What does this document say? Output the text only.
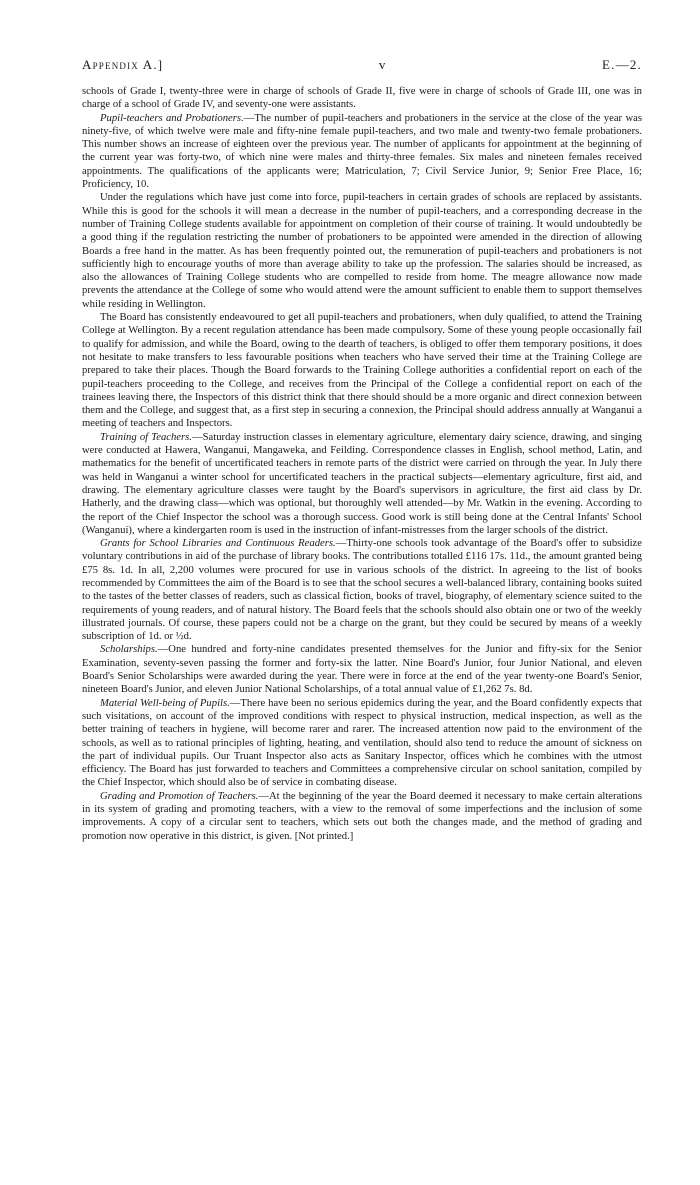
Appendix A.]	v	E.—2.

schools of Grade I, twenty-three were in charge of schools of Grade II, five were in charge of schools of Grade III, one was in charge of a school of Grade IV, and seventy-one were assistants.

Pupil-teachers and Probationers.—The number of pupil-teachers and probationers in the service at the close of the year was ninety-five, of which twelve were male and fifty-nine female pupil-teachers, and two male and twenty-two female probationers. This number shows an increase of eighteen over the previous year. The number of applicants for appointment at the beginning of the current year was forty-two, of which nine were males and thirty-three females. Six males and nineteen females received appointments. The qualifications of the applicants were; Matriculation, 7; Civil Service Junior, 9; Senior Free Place, 16; Proficiency, 10.

Under the regulations which have just come into force, pupil-teachers in certain grades of schools are replaced by assistants. While this is good for the schools it will mean a decrease in the number of pupil-teachers, and a corresponding decrease in the number of Training College students available for appointment on completion of their course of training. It would undoubtedly be a good thing if the regulation restricting the number of probationers to be appointed were amended in the direction of allowing Boards a free hand in the matter. As has been frequently pointed out, the remuneration of pupil-teachers and probationers is not sufficiently high to encourage youths of more than average ability to take up the profession. The salaries should be increased, as also the allowances of Training College students who are compelled to reside from home. The meagre allowance now made prevents the attendance at the College of some who would attend were the amount sufficient to enable them to support themselves while residing in Wellington.

The Board has consistently endeavoured to get all pupil-teachers and probationers, when duly qualified, to attend the Training College at Wellington. By a recent regulation attendance has been made compulsory. Some of these young people occasionally fail to qualify for admission, and while the Board, owing to the dearth of teachers, is obliged to offer them temporary positions, it does not hesitate to make transfers to less favourable positions when teachers who have served their time at the Training College are prepared to take their places. Though the Board forwards to the Training College authorities a confidential report on each of the pupil-teachers proceeding to the College, and receives from the Principal of the College a confidential report on each of the trainees leaving there, the Inspectors of this district think that there should should be a more organic and direct connexion between them and the College, and suggest that, as a first step in securing a connexion, the Principal should address annually at Wanganui a meeting of teachers and Inspectors.

Training of Teachers.—Saturday instruction classes in elementary agriculture, elementary dairy science, drawing, and singing were conducted at Hawera, Wanganui, Mangaweka, and Feilding. Correspondence classes in English, school method, Latin, and mathematics for the benefit of uncertificated teachers in remote parts of the district were carried on through the year. In July there was held in Wanganui a winter school for uncertificated teachers in the practical subjects—elementary agriculture, first aid, and drawing. The elementary agriculture classes were taught by the Board's supervisors in agriculture, the first aid class by Dr. Hatherly, and the drawing class—which was optional, but thoroughly well attended—by Mr. Watkin in the evening. According to the report of the Chief Inspector the school was a thorough success. Good work is still being done at the Central Infants' School (Wanganui), where a kindergarten room is used in the instruction of infant-mistresses from the larger schools of the district.

Grants for School Libraries and Continuous Readers.—Thirty-one schools took advantage of the Board's offer to subsidize voluntary contributions in aid of the purchase of library books. The contributions totalled £116 17s. 11d., the amount granted being £75 8s. 1d. In all, 2,200 volumes were procured for use in various schools of the district. In agreeing to the list of books recommended by Committees the aim of the Board is to see that the school secures a well-balanced library, containing books suited to the tastes of the better classes of readers, such as classical fiction, books of travel, biography, of elementary science suited to the requirements of young readers, and of natural history. The Board feels that the schools should also obtain one or two of the weekly illustrated journals. Of course, these papers could not be a charge on the grant, but they could be secured by means of a weekly subscription of 1d. or ½d.

Scholarships.—One hundred and forty-nine candidates presented themselves for the Junior and fifty-six for the Senior Examination, seventy-seven passing the former and forty-six the latter. Nine Board's Junior, four Junior National, and eleven Board's Senior Scholarships were awarded during the year. There were in force at the end of the year twenty-one Board's Senior, nineteen Board's Junior, and eleven Junior National Scholarships, of a total annual value of £1,262 7s. 8d.

Material Well-being of Pupils.—There have been no serious epidemics during the year, and the Board confidently expects that such visitations, on account of the improved conditions with respect to physical instruction, medical inspection, as well as the better training of teachers in hygiene, will become rarer and rarer. The increased attention now paid to the environment of the schools, as well as to rational principles of lighting, heating, and ventilation, should also tend to reduce the amount of sickness on the part of individual pupils. Our Truant Inspector also acts as Sanitary Inspector, offices which he combines with the utmost efficiency. The Board has just forwarded to teachers and Committees a comprehensive circular on school sanitation, compiled by the Chief Inspector, which should also be of service in combating disease.

Grading and Promotion of Teachers.—At the beginning of the year the Board deemed it necessary to make certain alterations in its system of grading and promoting teachers, with a view to the removal of some imperfections and the inclusion of some improvements. A copy of a circular sent to teachers, which sets out both the changes made, and the method of grading and promotion now operative in this district, is given. [Not printed.]
